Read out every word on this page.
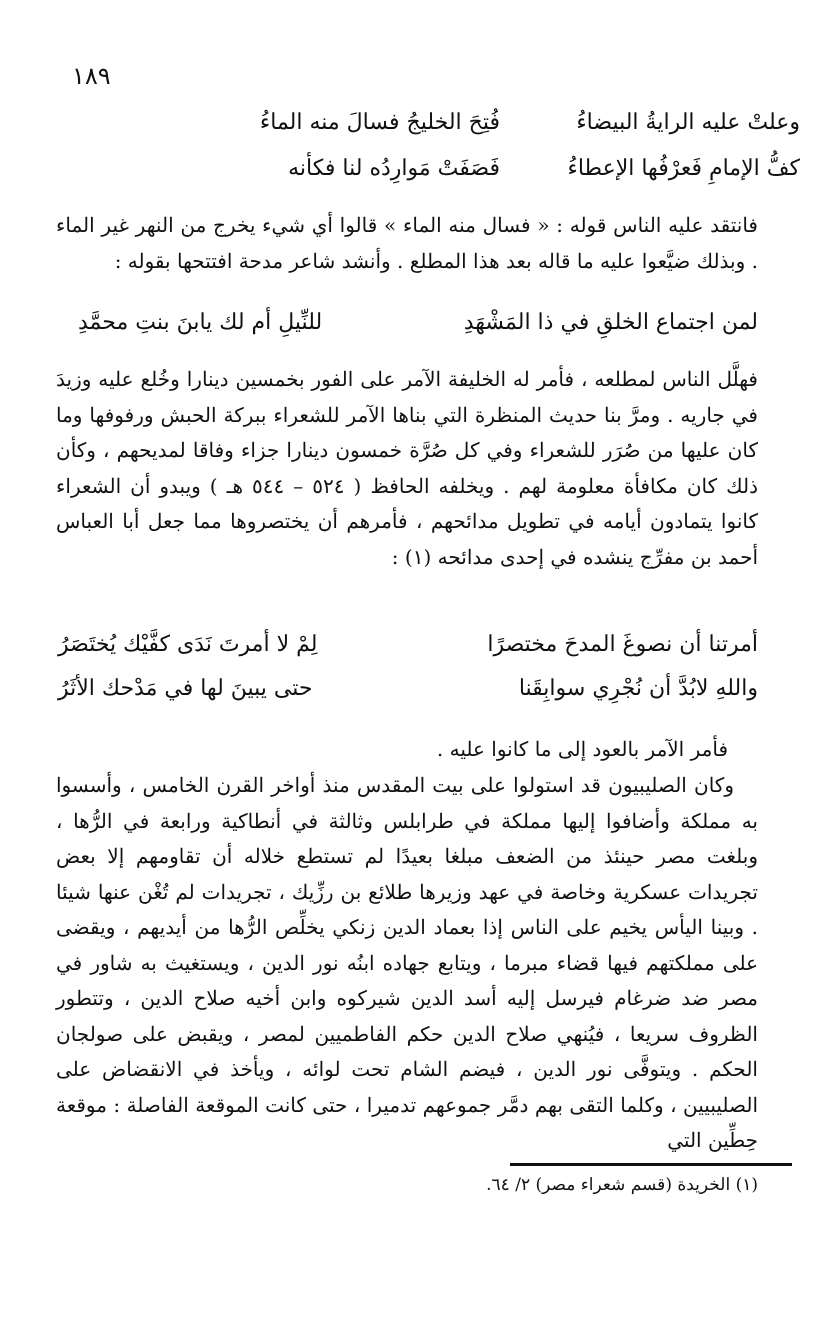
١٨٩
فُتِحَ الخليجُ فسالَ منه الماءُ	وعلتْ عليه الرايةُ البيضاءُ
فَصَفَتْ مَوارِدُه لنا فكأنه	كفُّ الإمامِ فَعرْفُها الإعطاءُ
فانتقد عليه الناس قوله : « فسال منه الماء » قالوا أي شيء يخرج من النهر غير الماء . وبذلك ضيَّعوا عليه ما قاله بعد هذا المطلع . وأنشد شاعر مدحة افتتحها بقوله :
لمن اجتماع الخلقِ في ذا المَشْهَدِ
للنِّيلِ أم لك يابنَ بنتِ محمَّدِ
فهلَّل الناس لمطلعه ، فأمر له الخليفة الآمر على الفور بخمسين دينارا وخُلع عليه وزيدَ في جاريه . ومرَّ بنا حديث المنظرة التي بناها الآمر للشعراء ببركة الحبش ورفوفها وما كان عليها من صُرَر للشعراء وفي كل صُرَّة خمسون دينارا جزاء وفاقا لمديحهم ، وكأن ذلك كان مكافأة معلومة لهم . ويخلفه الحافظ ( ٥٢٤ – ٥٤٤ هـ ) ويبدو أن الشعراء كانوا يتمادون أيامه في تطويل مدائحهم ، فأمرهم أن يختصروها مما جعل أبا العباس أحمد بن مفرِّج ينشده في إحدى مدائحه (١) :
أمرتنا أن نصوغَ المدحَ مختصرًا
لِمْ لا أمرتَ نَدَى كفَّيْك يُختَصَرُ
واللهِ لابُدَّ أن نُجْرِي سوابِقَنا
حتى يبينَ لها في مَدْحك الأثَرُ
فأمر الآمر بالعود إلى ما كانوا عليه .
وكان الصليبيون قد استولوا على بيت المقدس منذ أواخر القرن الخامس ، وأسسوا به مملكة وأضافوا إليها مملكة في طرابلس وثالثة في أنطاكية ورابعة في الرُّها ، وبلغت مصر حينئذ من الضعف مبلغا بعيدًا لم تستطع خلاله أن تقاومهم إلا بعض تجريدات عسكرية وخاصة في عهد وزيرها طلائع بن رزِّيك ، تجريدات لم تُغْن عنها شيئا . وبينا اليأس يخيم على الناس إذا بعماد الدين زنكي يخلِّص الرُّها من أيديهم ، ويقضى على مملكتهم فيها قضاء مبرما ، ويتابع جهاده ابنُه نور الدين ، ويستغيث به شاور في مصر ضد ضرغام فيرسل إليه أسد الدين شيركوه وابن أخيه صلاح الدين ، وتتطور الظروف سريعا ، فيُنهي صلاح الدين حكم الفاطميين لمصر ، ويقبض على صولجان الحكم . ويتوفَّى نور الدين ، فيضم الشام تحت لوائه ، ويأخذ في الانقضاض على الصليبيين ، وكلما التقى بهم دمَّر جموعهم تدميرا ، حتى كانت الموقعة الفاصلة : موقعة حِطِّين التي
(١) الخريدة (قسم شعراء مصر) ٢/ ٦٤.
